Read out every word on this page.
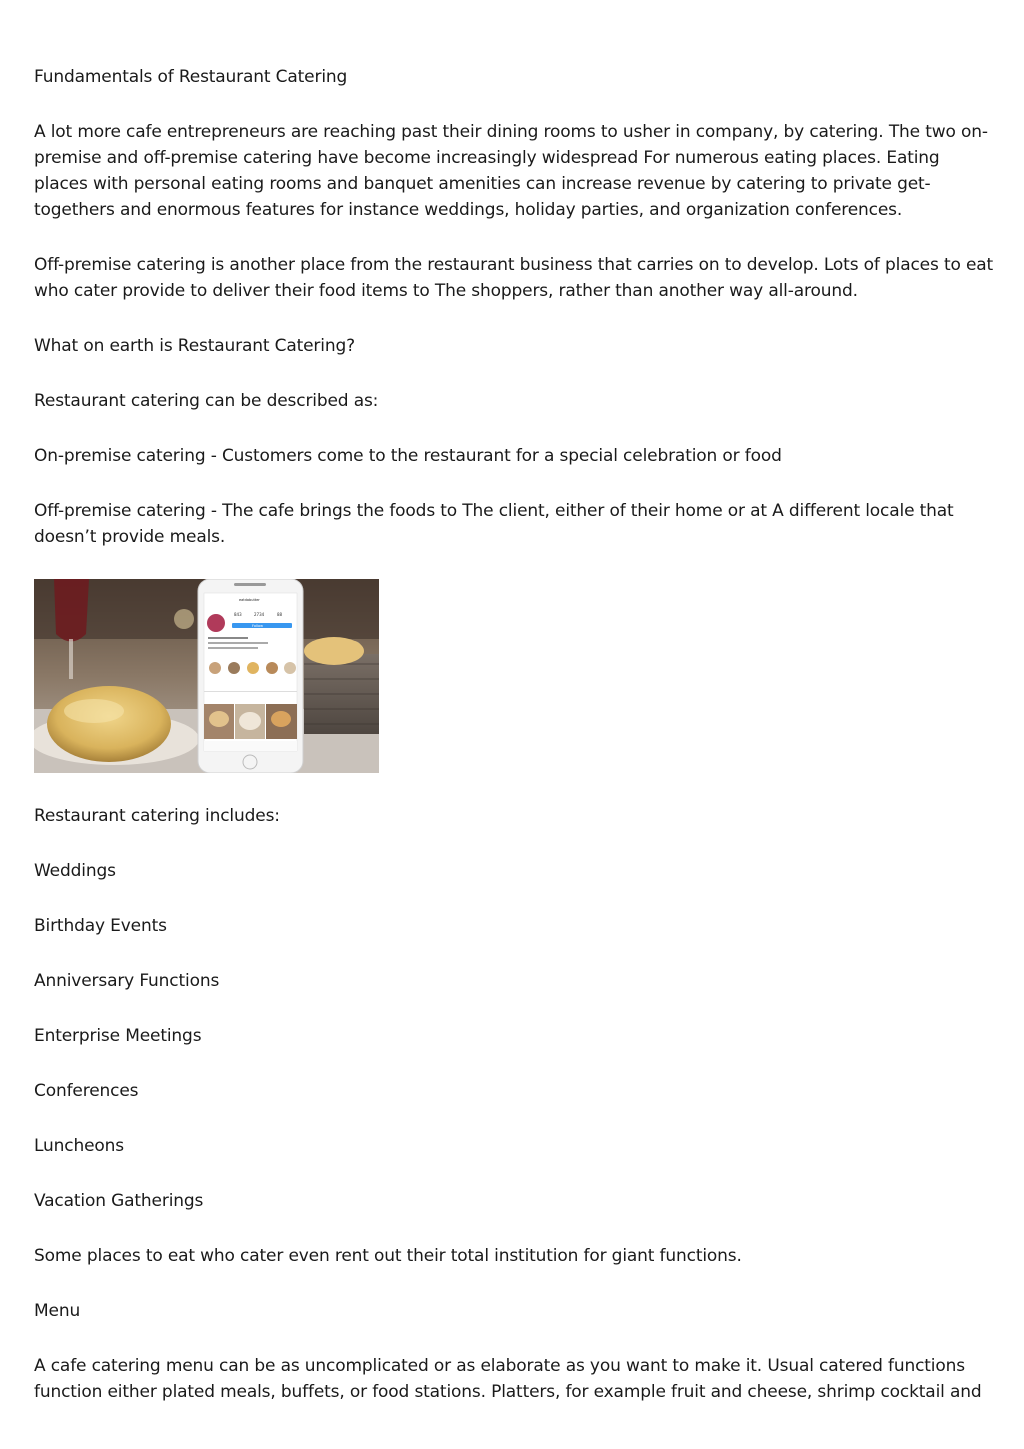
Fundamentals of Restaurant Catering

A lot more cafe entrepreneurs are reaching past their dining rooms to usher in company, by catering. The two on-premise and off-premise catering have become increasingly widespread For numerous eating places. Eating places with personal eating rooms and banquet amenities can increase revenue by catering to private get-togethers and enormous features for instance weddings, holiday parties, and organization conferences.

Off-premise catering is another place from the restaurant business that carries on to develop. Lots of places to eat who cater provide to deliver their food items to The shoppers, rather than another way all-around.

What on earth is Restaurant Catering?

Restaurant catering can be described as:

On-premise catering - Customers come to the restaurant for a special celebration or food

Off-premise catering - The cafe brings the foods to The client, either of their home or at A different locale that doesn’t provide meals.

843	2734	88
Follow
eatdabutter

Restaurant catering includes:

Weddings

Birthday Events

Anniversary Functions

Enterprise Meetings

Conferences

Luncheons

Vacation Gatherings

Some places to eat who cater even rent out their total institution for giant functions.

Menu

A cafe catering menu can be as uncomplicated or as elaborate as you want to make it. Usual catered functions function either plated meals, buffets, or food stations. Platters, for example fruit and cheese, shrimp cocktail and
